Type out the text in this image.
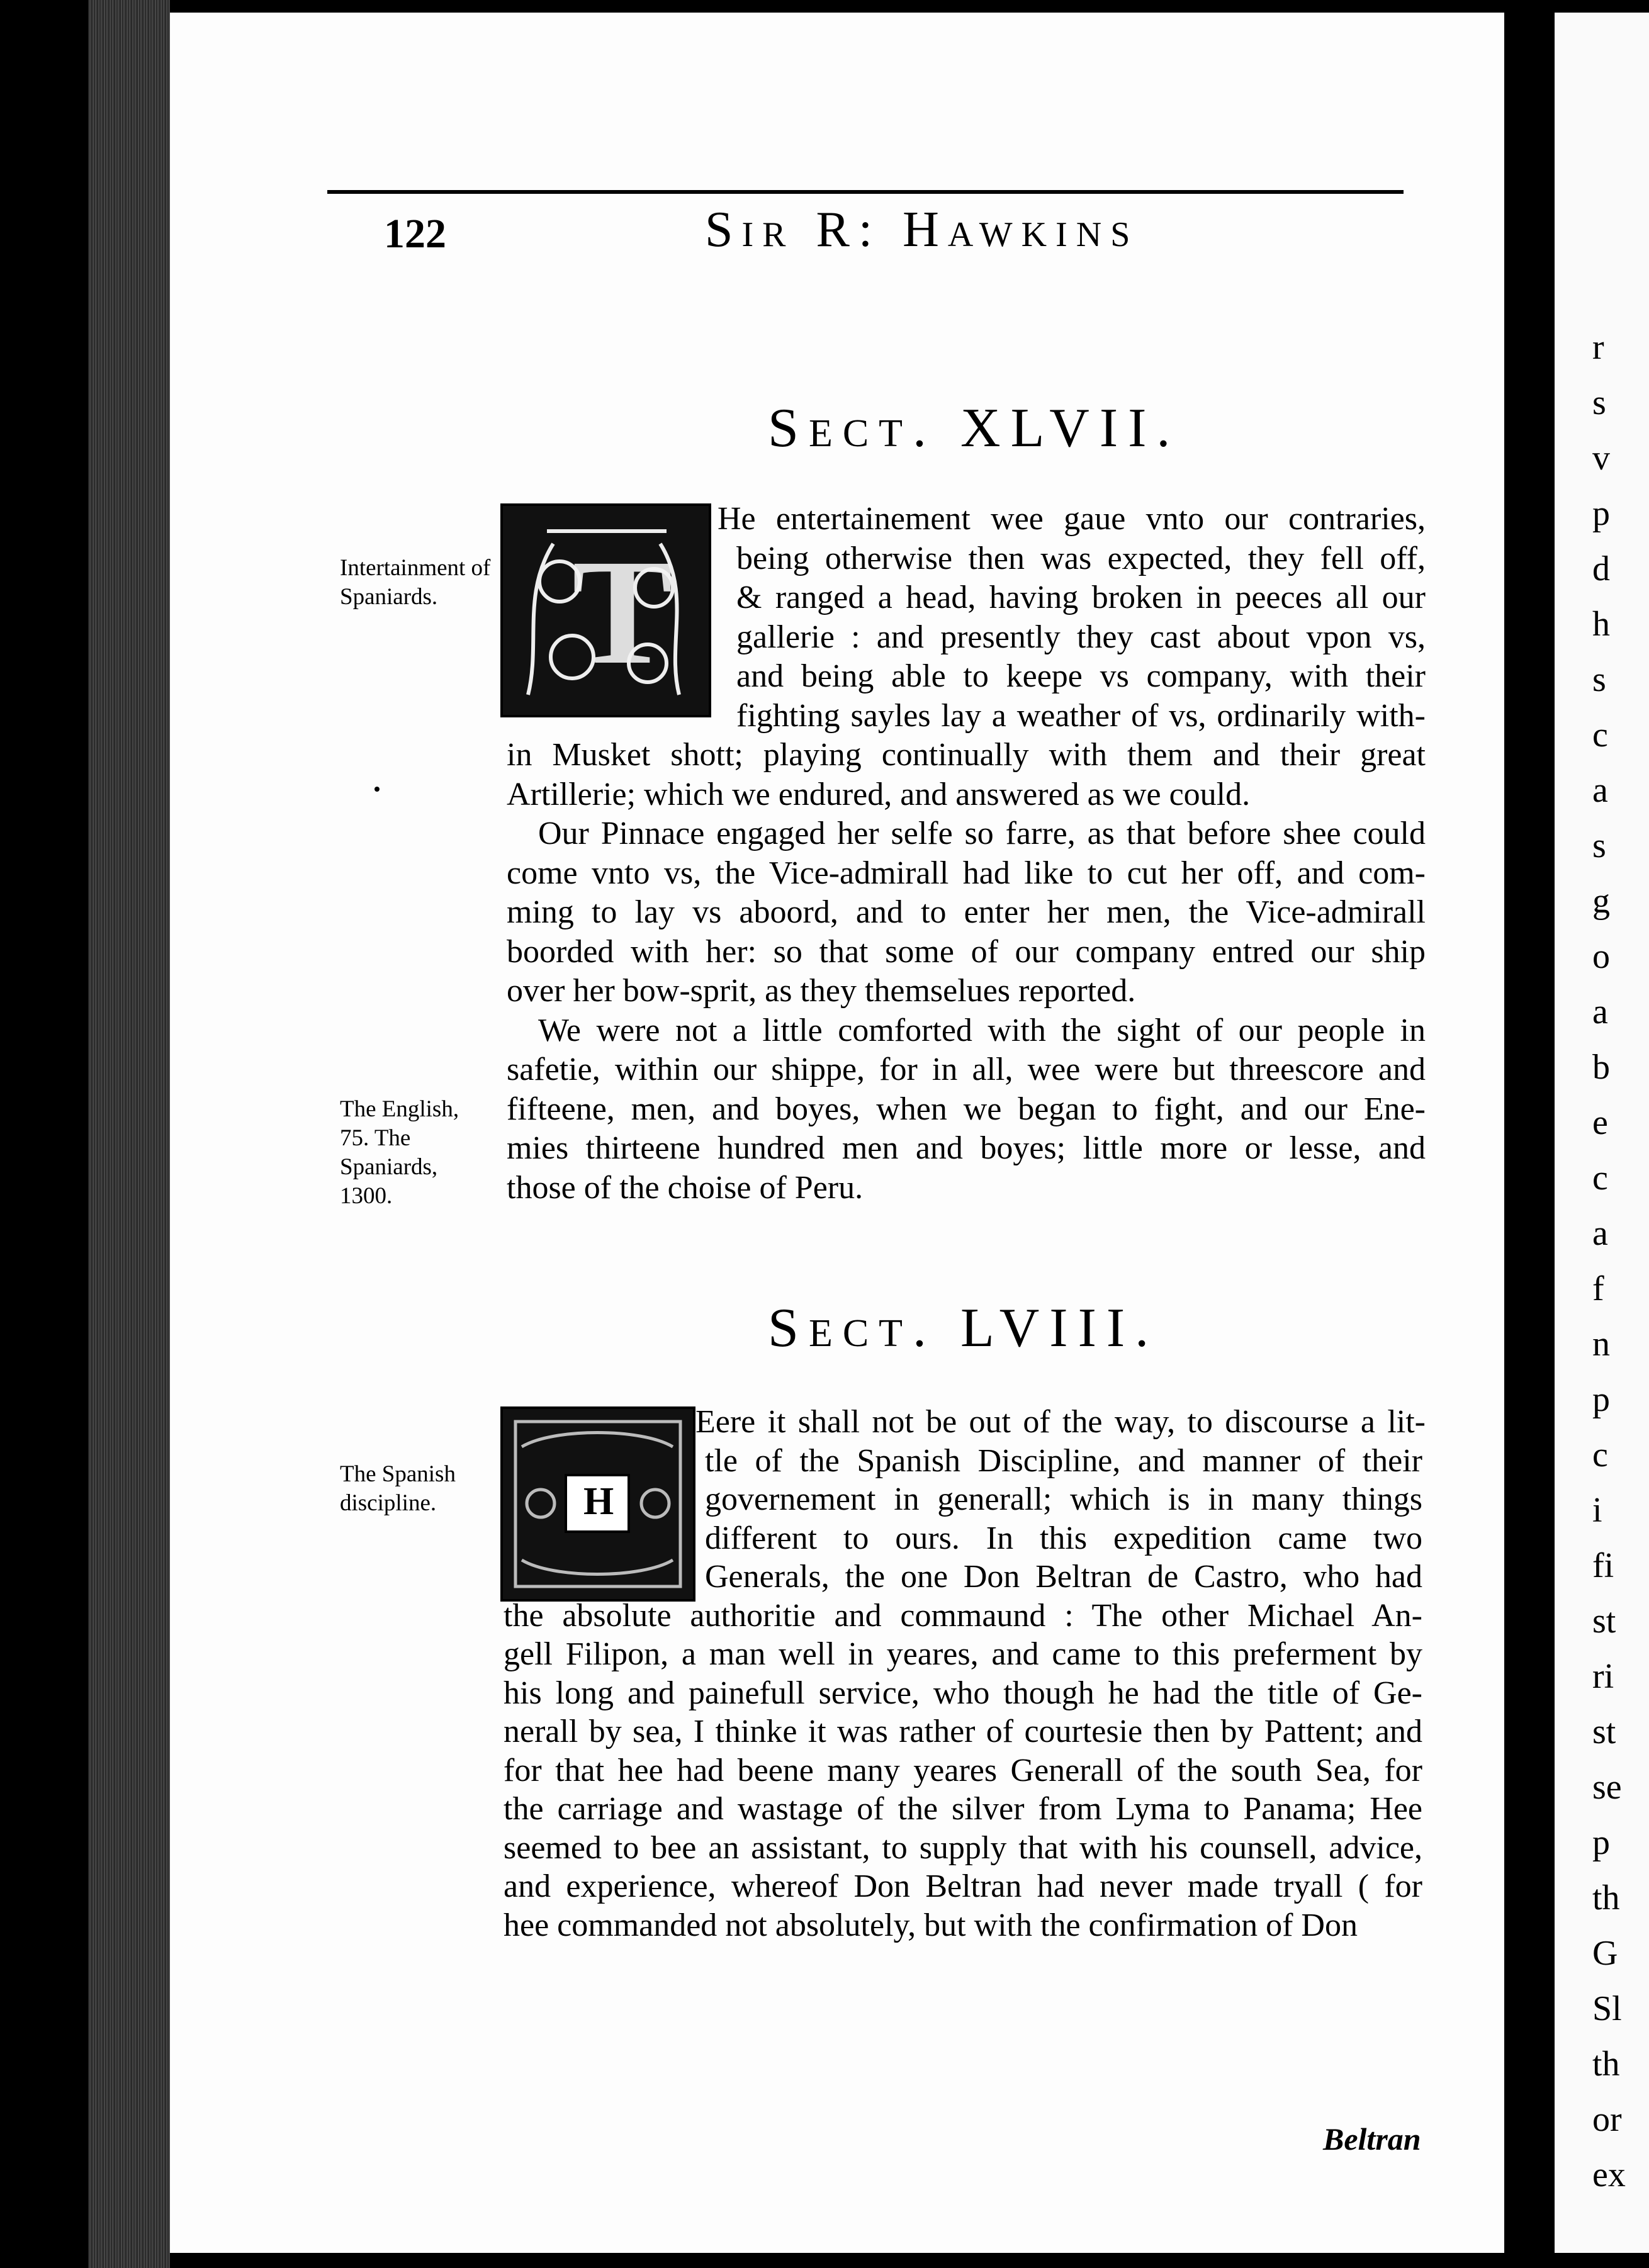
r
s
v
p
d
h
s
c
a
s
g
o
a
b
e
c
a
f
n
p
c
i
fi
st
ri
st
se
p
th
G
Sl
th
or
ex
122	Sir R: Hawkins
Sect. XLVII.
T
Intertainment of Spaniards.
He entertainement wee gaue vnto our contraries,
being otherwise then was expected, they fell off,
& ranged a head, having broken in peeces all our
gallerie : and presently they cast about vpon vs,
and being able to keepe vs company, with their
fighting sayles lay a weather of vs, ordinarily with-
in Musket shott; playing continually with them and their great
Artillerie; which we endured, and answered as we could.
Our Pinnace engaged her selfe so farre, as that before shee could
come vnto vs, the Vice-admirall had like to cut her off, and com-
ming to lay vs aboord, and to enter her men, the Vice-admirall
boorded with her: so that some of our company entred our ship
over her bow-sprit, as they themselues reported.
We were not a little comforted with the sight of our people in
safetie, within our shippe, for in all, wee were but threescore and
fifteene, men, and boyes, when we began to fight, and our Ene-
mies thirteene hundred men and boyes; little more or lesse, and
those of the choise of Peru.
The English, 75. The Spaniards, 1300.
Sect. LVIII.
H
The Spanish discipline.
Eere it shall not be out of the way, to discourse a lit-
tle of the Spanish Discipline, and manner of their
governement in generall; which is in many things
different to ours. In this expedition came two
Generals, the one Don Beltran de Castro, who had
the absolute authoritie and commaund : The other Michael An-
gell Filipon, a man well in yeares, and came to this preferment by
his long and painefull service, who though he had the title of Ge-
nerall by sea, I thinke it was rather of courtesie then by Pattent; and
for that hee had beene many yeares Generall of the south Sea, for
the carriage and wastage of the silver from Lyma to Panama; Hee
seemed to bee an assistant, to supply that with his counsell, advice,
and experience, whereof Don Beltran had never made tryall ( for
hee commanded not absolutely, but with the confirmation of Don
Beltran
